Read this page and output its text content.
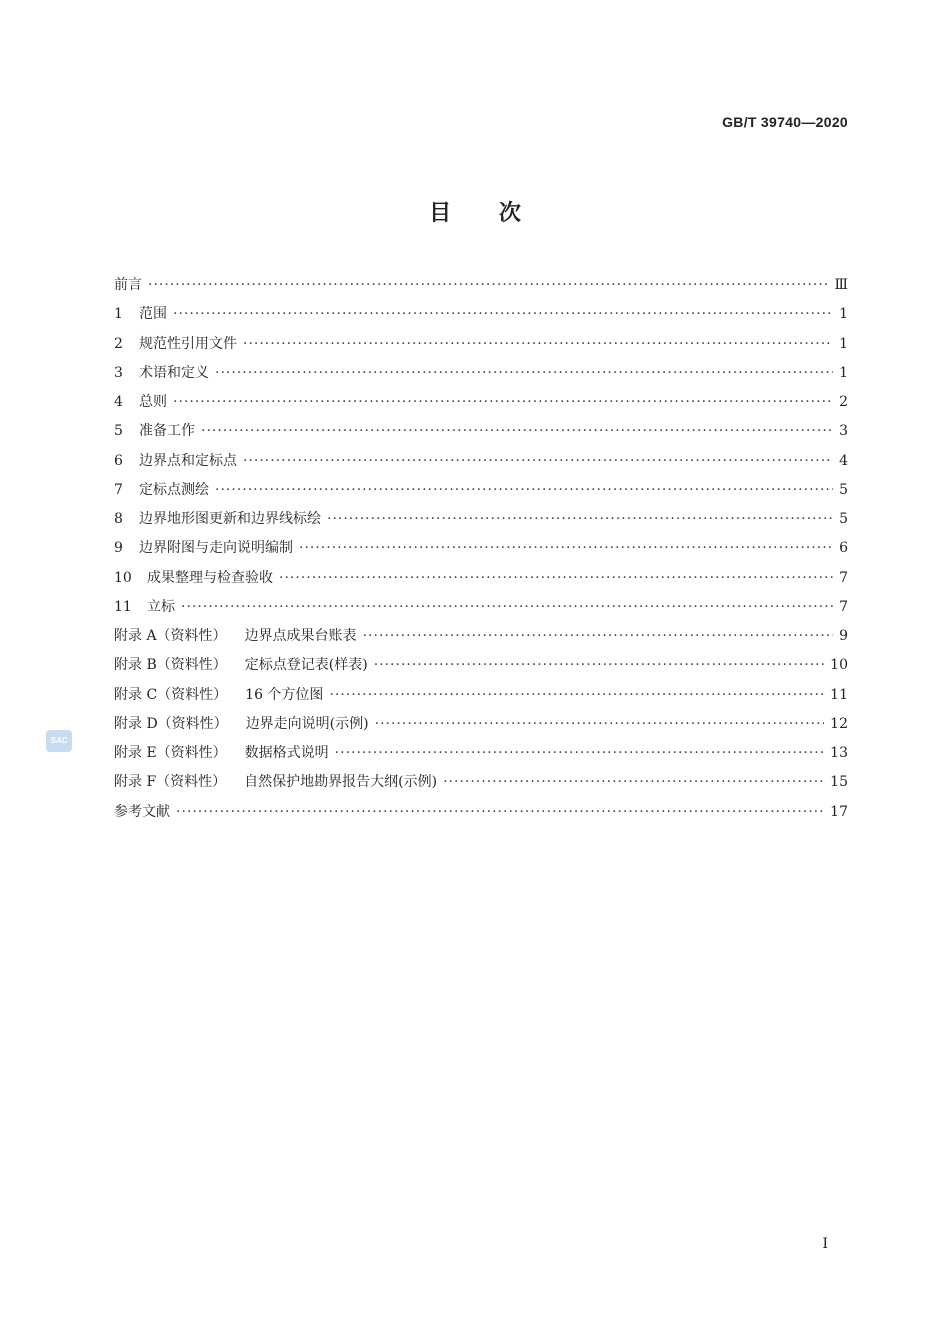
GB/T 39740—2020
目 次
前言 ·····	Ⅲ
1	范围 ·····	1
2	规范性引用文件 ·····	1
3	术语和定义 ·····	1
4	总则 ·····	2
5	准备工作 ·····	3
6	边界点和定标点 ·····	4
7	定标点测绘 ·····	5
8	边界地形图更新和边界线标绘 ·····	5
9	边界附图与走向说明编制 ·····	6
10	成果整理与检查验收 ·····	7
11	立标 ·····	7
附录 A（资料性） 边界点成果台账表 ·····	9
附录 B（资料性） 定标点登记表(样表) ·····	10
附录 C（资料性） 16 个方位图 ·····	11
附录 D（资料性） 边界走向说明(示例) ·····	12
附录 E（资料性） 数据格式说明 ·····	13
附录 F（资料性） 自然保护地勘界报告大纲(示例) ·····	15
参考文献 ·····	17
SAC
I
